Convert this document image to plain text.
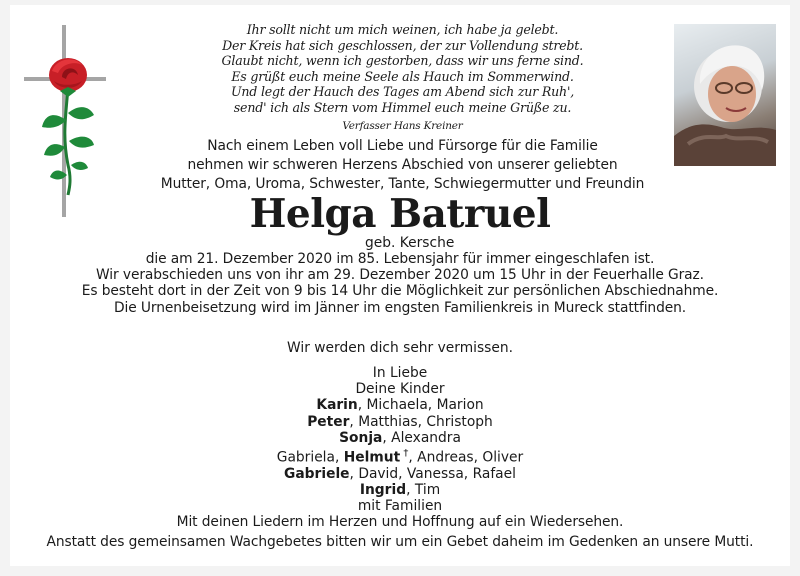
Ihr sollt nicht um mich weinen, ich habe ja gelebt.
Der Kreis hat sich geschlossen, der zur Vollendung strebt.
Glaubt nicht, wenn ich gestorben, dass wir uns ferne sind.
Es grüßt euch meine Seele als Hauch im Sommerwind.
Und legt der Hauch des Tages am Abend sich zur Ruh',
send' ich als Stern vom Himmel euch meine Grüße zu.
Verfasser Hans Kreiner
Nach einem Leben voll Liebe und Fürsorge für die Familie
nehmen wir schweren Herzens Abschied von unserer geliebten
Mutter, Oma, Uroma, Schwester, Tante, Schwiegermutter und Freundin
Helga Batruel
geb. Kersche
die am 21. Dezember 2020 im 85. Lebensjahr für immer eingeschlafen ist.
Wir verabschieden uns von ihr am 29. Dezember 2020 um 15 Uhr in der Feuerhalle Graz.
Es besteht dort in der Zeit von 9 bis 14 Uhr die Möglichkeit zur persönlichen Abschiednahme.
Die Urnenbeisetzung wird im Jänner im engsten Familienkreis in Mureck stattfinden.
Wir werden dich sehr vermissen.
In Liebe
Deine Kinder
Karin, Michaela, Marion
Peter, Matthias, Christoph
Sonja, Alexandra
Gabriela, Helmut †, Andreas, Oliver
Gabriele, David, Vanessa, Rafael
Ingrid, Tim
mit Familien
Mit deinen Liedern im Herzen und Hoffnung auf ein Wiedersehen.
Anstatt des gemeinsamen Wachgebetes bitten wir um ein Gebet daheim im Gedenken an unsere Mutti.
